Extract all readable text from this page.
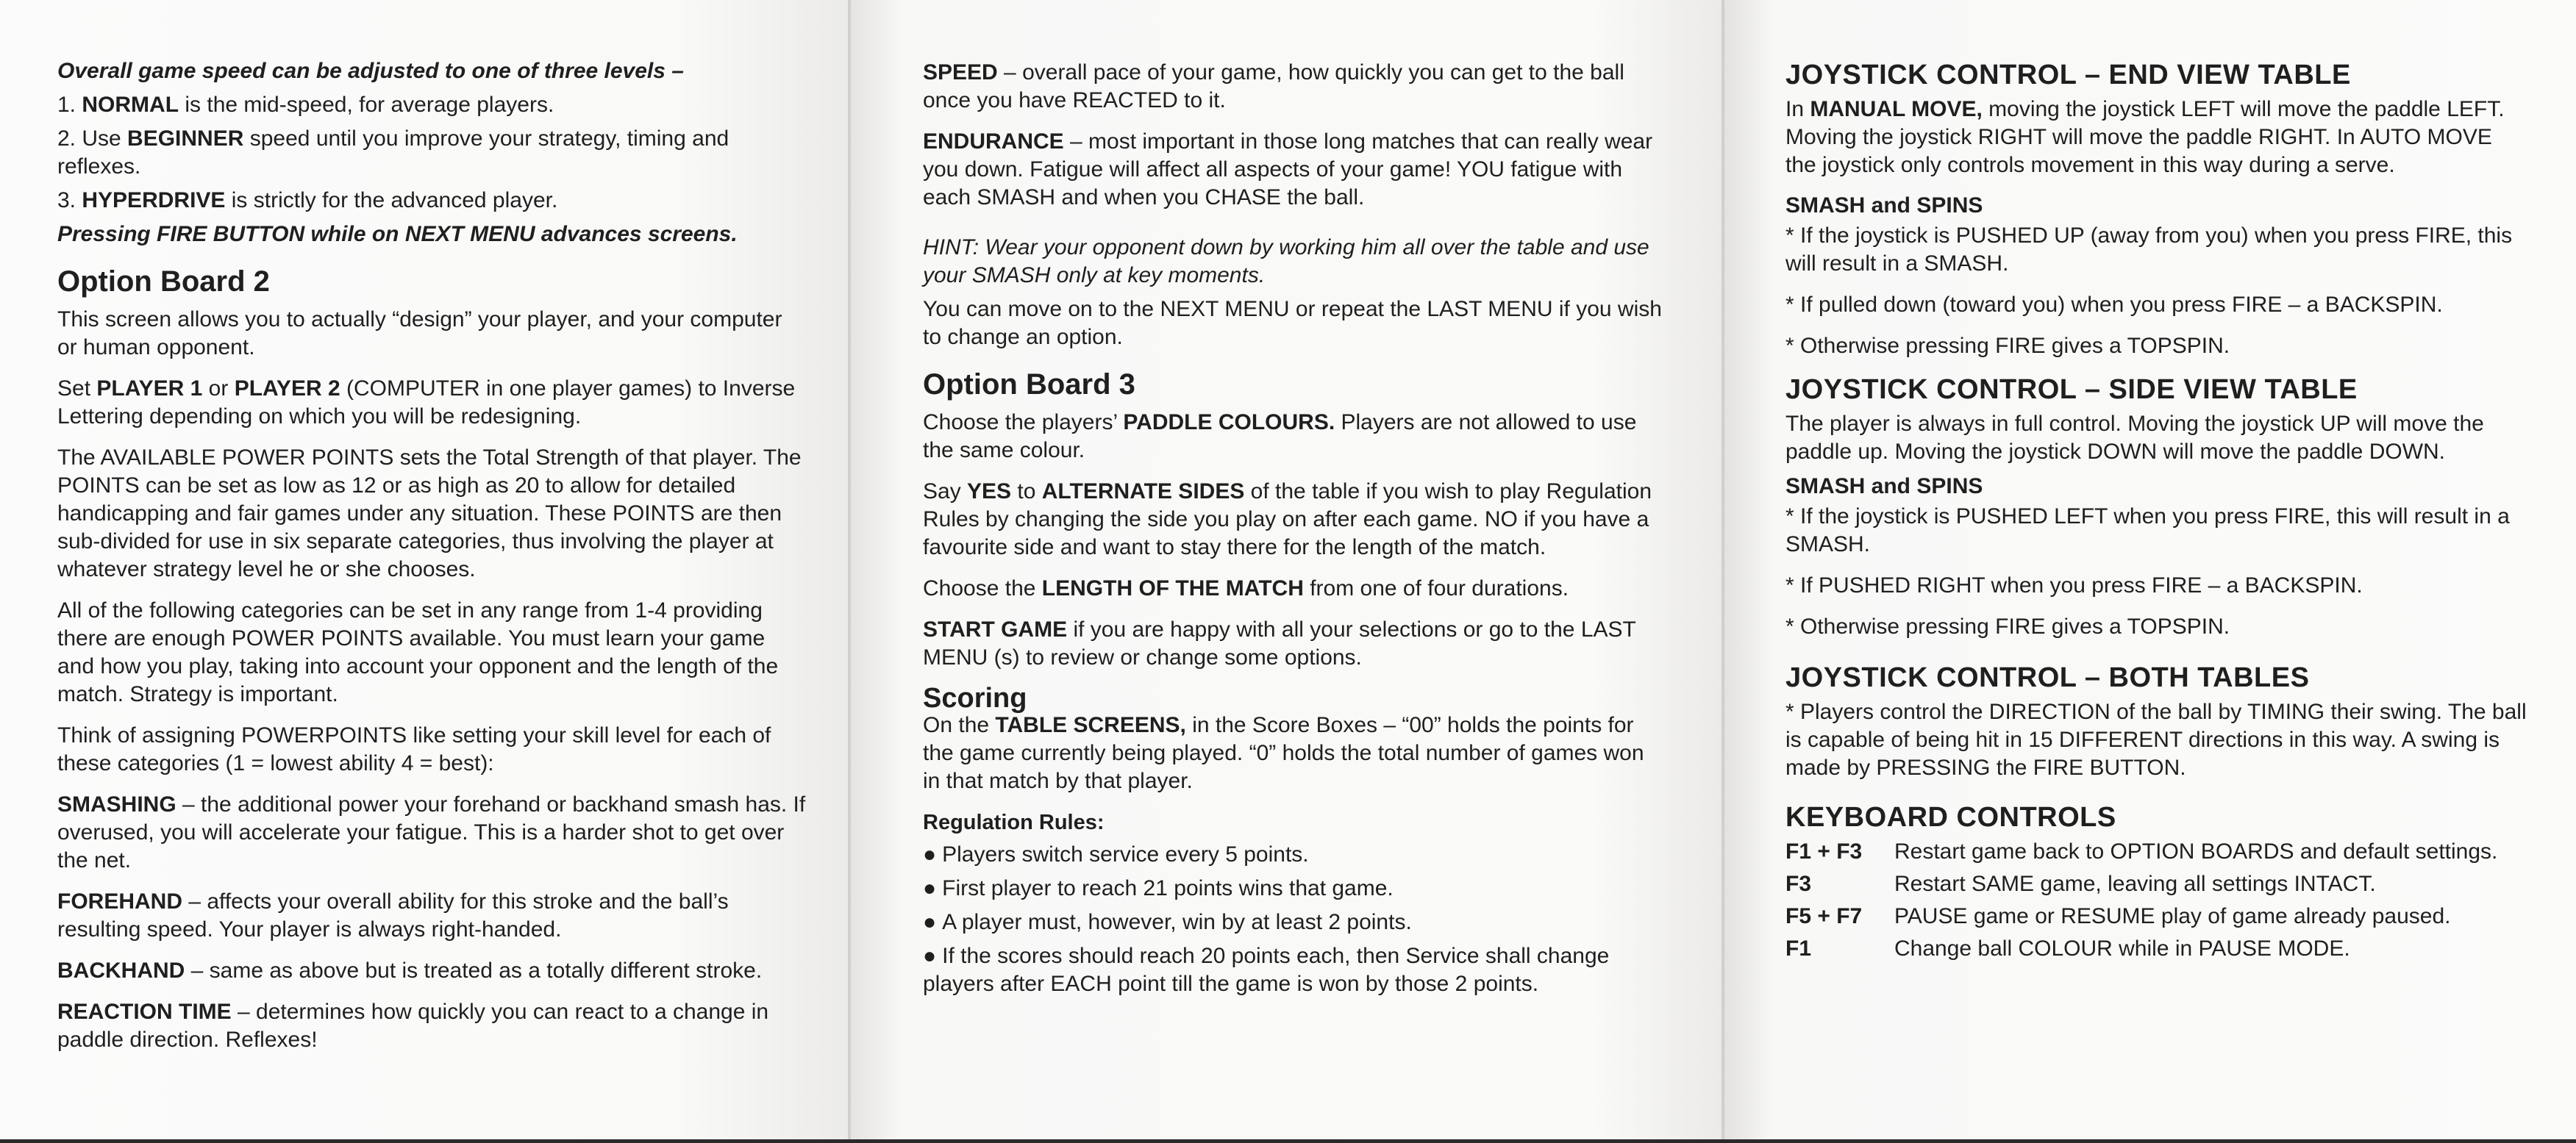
Overall game speed can be adjusted to one of three levels –

1. NORMAL is the mid-speed, for average players.

2. Use BEGINNER speed until you improve your strategy, timing and reflexes.

3. HYPERDRIVE is strictly for the advanced player.

Pressing FIRE BUTTON while on NEXT MENU advances screens.

Option Board 2

This screen allows you to actually “design” your player, and your computer or human opponent.

Set PLAYER 1 or PLAYER 2 (COMPUTER in one player games) to Inverse Lettering depending on which you will be redesigning.

The AVAILABLE POWER POINTS sets the Total Strength of that player. The POINTS can be set as low as 12 or as high as 20 to allow for detailed handicapping and fair games under any situation. These POINTS are then sub-divided for use in six separate categories, thus involving the player at whatever strategy level he or she chooses.

All of the following categories can be set in any range from 1-4 providing there are enough POWER POINTS available. You must learn your game and how you play, taking into account your opponent and the length of the match. Strategy is important.

Think of assigning POWERPOINTS like setting your skill level for each of these categories (1 = lowest ability 4 = best):

SMASHING – the additional power your forehand or backhand smash has. If overused, you will accelerate your fatigue. This is a harder shot to get over the net.

FOREHAND – affects your overall ability for this stroke and the ball’s resulting speed. Your player is always right-handed.

BACKHAND – same as above but is treated as a totally different stroke.

REACTION TIME – determines how quickly you can react to a change in paddle direction. Reflexes!

SPEED – overall pace of your game, how quickly you can get to the ball once you have REACTED to it.

ENDURANCE – most important in those long matches that can really wear you down. Fatigue will affect all aspects of your game! YOU fatigue with each SMASH and when you CHASE the ball.

HINT: Wear your opponent down by working him all over the table and use your SMASH only at key moments.

You can move on to the NEXT MENU or repeat the LAST MENU if you wish to change an option.

Option Board 3

Choose the players’ PADDLE COLOURS. Players are not allowed to use the same colour.

Say YES to ALTERNATE SIDES of the table if you wish to play Regulation Rules by changing the side you play on after each game. NO if you have a favourite side and want to stay there for the length of the match.

Choose the LENGTH OF THE MATCH from one of four durations.

START GAME if you are happy with all your selections or go to the LAST MENU (s) to review or change some options.

Scoring

On the TABLE SCREENS, in the Score Boxes – “00” holds the points for the game currently being played. “0” holds the total number of games won in that match by that player.

Regulation Rules:
● Players switch service every 5 points.
● First player to reach 21 points wins that game.
● A player must, however, win by at least 2 points.
● If the scores should reach 20 points each, then Service shall change players after EACH point till the game is won by those 2 points.
JOYSTICK CONTROL – END VIEW TABLE

In MANUAL MOVE, moving the joystick LEFT will move the paddle LEFT. Moving the joystick RIGHT will move the paddle RIGHT. In AUTO MOVE the joystick only controls movement in this way during a serve.

SMASH and SPINS

* If the joystick is PUSHED UP (away from you) when you press FIRE, this will result in a SMASH.

* If pulled down (toward you) when you press FIRE – a BACKSPIN.

* Otherwise pressing FIRE gives a TOPSPIN.

JOYSTICK CONTROL – SIDE VIEW TABLE

The player is always in full control. Moving the joystick UP will move the paddle up. Moving the joystick DOWN will move the paddle DOWN.

SMASH and SPINS

* If the joystick is PUSHED LEFT when you press FIRE, this will result in a SMASH.

* If PUSHED RIGHT when you press FIRE – a BACKSPIN.

* Otherwise pressing FIRE gives a TOPSPIN.

JOYSTICK CONTROL – BOTH TABLES

* Players control the DIRECTION of the ball by TIMING their swing. The ball is capable of being hit in 15 DIFFERENT directions in this way. A swing is made by PRESSING the FIRE BUTTON.

KEYBOARD CONTROLS
F1 + F3	Restart game back to OPTION BOARDS and default settings.
F3	Restart SAME game, leaving all settings INTACT.
F5 + F7	PAUSE game or RESUME play of game already paused.
F1	Change ball COLOUR while in PAUSE MODE.
